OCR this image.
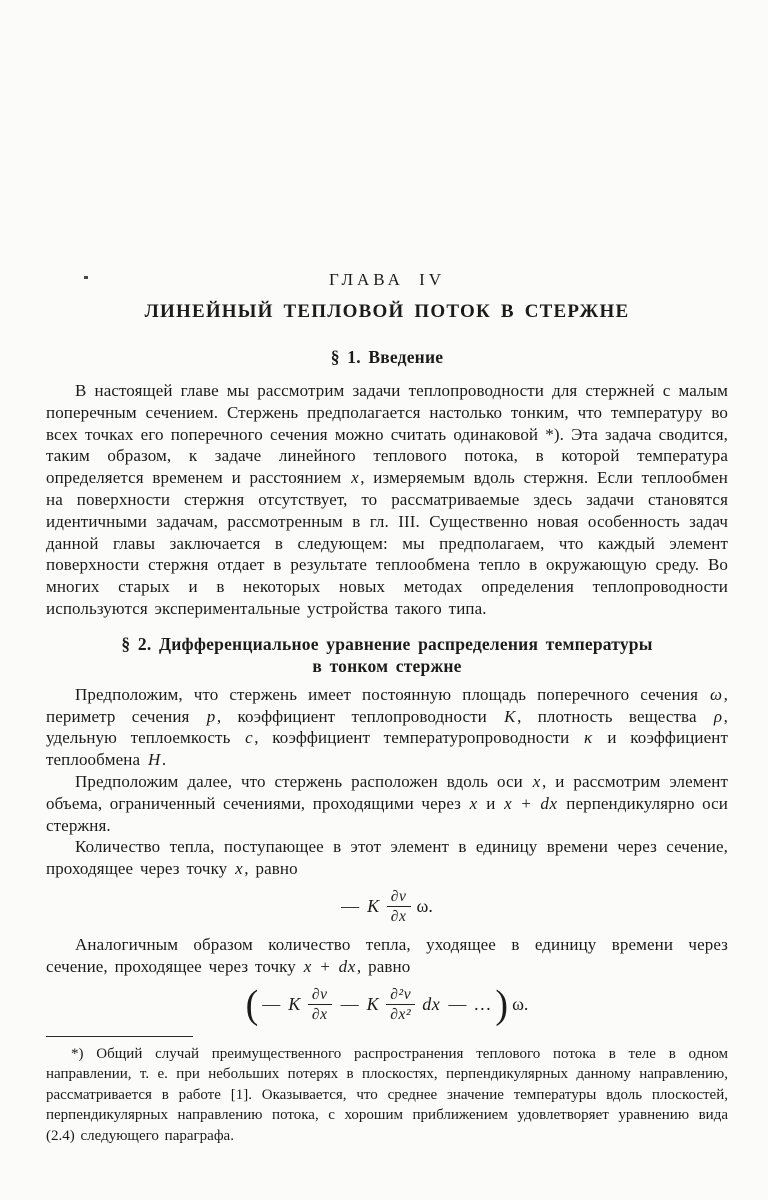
ГЛАВА IV
ЛИНЕЙНЫЙ ТЕПЛОВОЙ ПОТОК В СТЕРЖНЕ
§ 1. Введение

В настоящей главе мы рассмотрим задачи теплопроводности для стержней с малым поперечным сечением. Стержень предполагается настолько тонким, что температуру во всех точках его поперечного сечения можно считать одинаковой *). Эта задача сводится, таким образом, к задаче линейного теплового потока, в которой температура определяется временем и расстоянием x, измеряемым вдоль стержня. Если теплообмен на поверхности стержня отсутствует, то рассматриваемые здесь задачи становятся идентичными задачам, рассмотренным в гл. III. Существенно новая особенность задач данной главы заключается в следующем: мы предполагаем, что каждый элемент поверхности стержня отдает в результате теплообмена тепло в окружающую среду. Во многих старых и в некоторых новых методах определения теплопроводности используются экспериментальные устройства такого типа.

§ 2. Дифференциальное уравнение распределения температуры
в тонком стержне

Предположим, что стержень имеет постоянную площадь поперечного сечения ω, периметр сечения p, коэффициент теплопроводности K, плотность вещества ρ, удельную теплоемкость c, коэффициент температуропроводности κ и коэффициент теплообмена H.

Предположим далее, что стержень расположен вдоль оси x, и рассмотрим элемент объема, ограниченный сечениями, проходящими через x и x + dx перпендикулярно оси стержня.

Количество тепла, поступающее в этот элемент в единицу времени через сечение, проходящее через точку x, равно

— K $\frac{\partial v}{\partial x} \omega$.

Аналогичным образом количество тепла, уходящее в единицу времени через сечение, проходящее через точку x + dx, равно

( — K $\frac{\partial v}{\partial x}$ — K $\frac{\text{∂²v}}{\text{∂x²}}$ dx — … ) ω.

*) Общий случай преимущественного распространения теплового потока в теле в одном направлении, т. е. при небольших потерях в плоскостях, перпендикулярных данному направлению, рассматривается в работе [1]. Оказывается, что среднее значение температуры вдоль плоскостей, перпендикулярных направлению потока, с хорошим приближением удовлетворяет уравнению вида (2.4) следующего параграфа.
